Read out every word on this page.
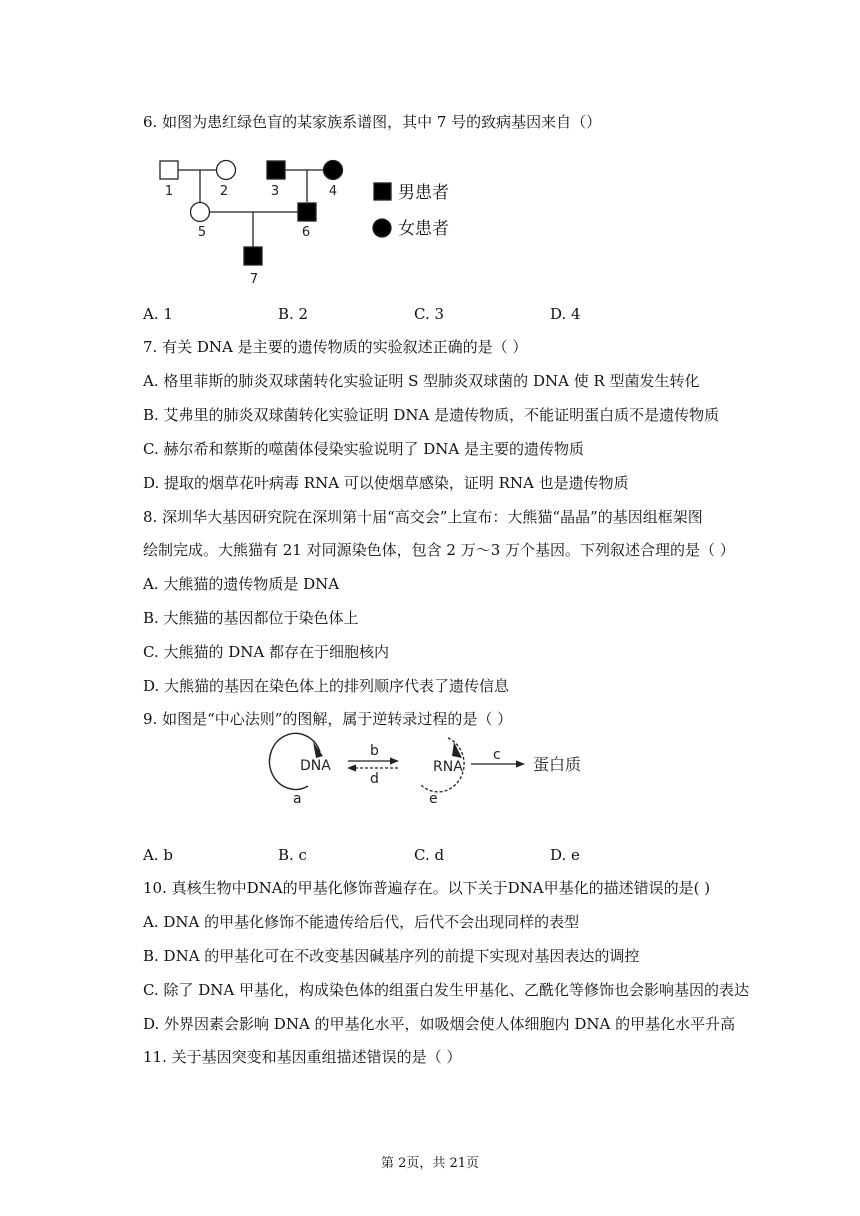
6. 如图为患红绿色盲的某家族系谱图，其中 7 号的致病基因来自（）
1	2	3	4
5	6
7
男患者
女患者
A. 1	B. 2	C. 3	D. 4
7. 有关 DNA 是主要的遗传物质的实验叙述正确的是（ ）
A. 格里菲斯的肺炎双球菌转化实验证明 S 型肺炎双球菌的 DNA 使 R 型菌发生转化
B. 艾弗里的肺炎双球菌转化实验证明 DNA 是遗传物质，不能证明蛋白质不是遗传物质
C. 赫尔希和蔡斯的噬菌体侵染实验说明了 DNA 是主要的遗传物质
D. 提取的烟草花叶病毒 RNA 可以使烟草感染，证明 RNA 也是遗传物质
8. 深圳华大基因研究院在深圳第十届“高交会”上宣布：大熊猫“晶晶”的基因组框架图
绘制完成。大熊猫有 21 对同源染色体，包含 2 万～3 万个基因。下列叙述合理的是（ ）
A. 大熊猫的遗传物质是 DNA
B. 大熊猫的基因都位于染色体上
C. 大熊猫的 DNA 都存在于细胞核内
D. 大熊猫的基因在染色体上的排列顺序代表了遗传信息
9. 如图是“中心法则”的图解，属于逆转录过程的是（ ）
DNA	RNA	蛋白质
a
b	c
d
e
A. b	B. c	C. d	D. e
10. 真核生物中DNA的甲基化修饰普遍存在。以下关于DNA甲基化的描述错误的是( )
A. DNA 的甲基化修饰不能遗传给后代，后代不会出现同样的表型
B. DNA 的甲基化可在不改变基因碱基序列的前提下实现对基因表达的调控
C. 除了 DNA 甲基化，构成染色体的组蛋白发生甲基化、乙酰化等修饰也会影响基因的表达
D. 外界因素会影响 DNA 的甲基化水平，如吸烟会使人体细胞内 DNA 的甲基化水平升高
11. 关于基因突变和基因重组描述错误的是（ ）
第 2页，共 21页
